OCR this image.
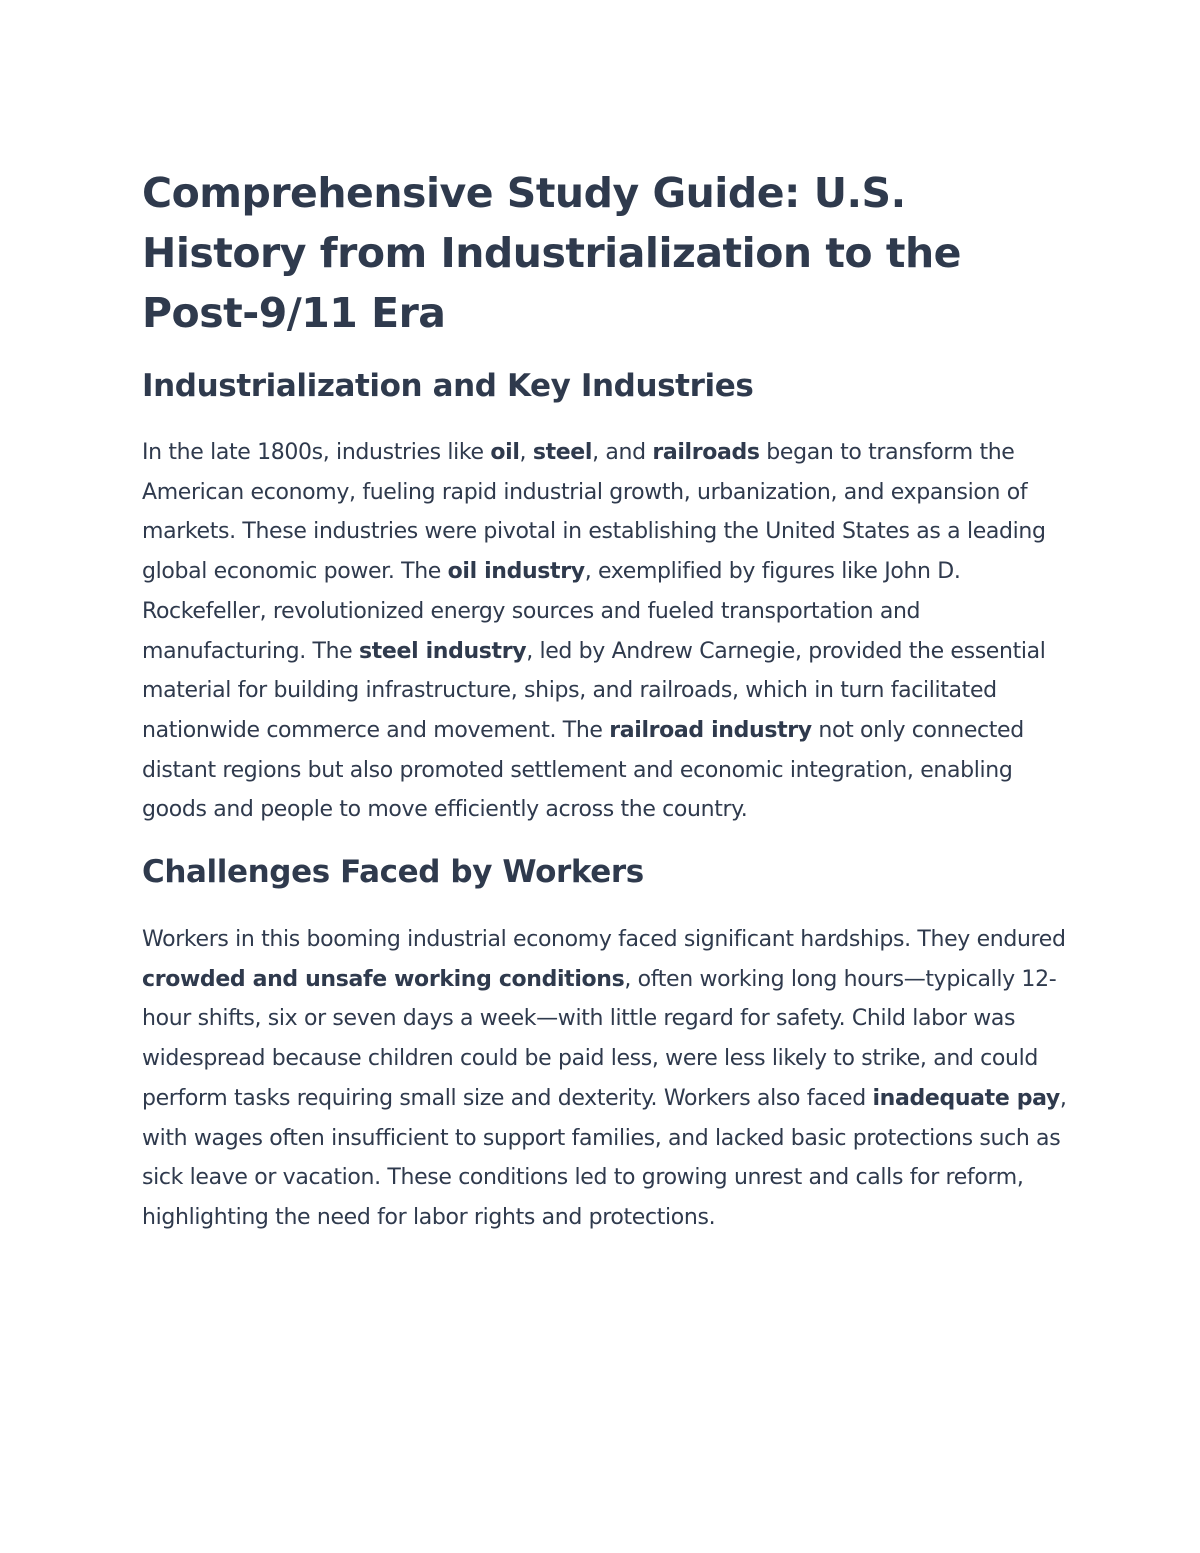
Comprehensive Study Guide: U.S. History from Industrialization to the Post-9/11 Era
Industrialization and Key Industries

In the late 1800s, industries like oil, steel, and railroads began to transform the American economy, fueling rapid industrial growth, urbanization, and expansion of markets. These industries were pivotal in establishing the United States as a leading global economic power. The oil industry, exemplified by figures like John D. Rockefeller, revolutionized energy sources and fueled transportation and manufacturing. The steel industry, led by Andrew Carnegie, provided the essential material for building infrastructure, ships, and railroads, which in turn facilitated nationwide commerce and movement. The railroad industry not only connected distant regions but also promoted settlement and economic integration, enabling goods and people to move efficiently across the country.

Challenges Faced by Workers

Workers in this booming industrial economy faced significant hardships. They endured crowded and unsafe working conditions, often working long hours—typically 12-hour shifts, six or seven days a week—with little regard for safety. Child labor was widespread because children could be paid less, were less likely to strike, and could perform tasks requiring small size and dexterity. Workers also faced inadequate pay, with wages often insufficient to support families, and lacked basic protections such as sick leave or vacation. These conditions led to growing unrest and calls for reform, highlighting the need for labor rights and protections.
